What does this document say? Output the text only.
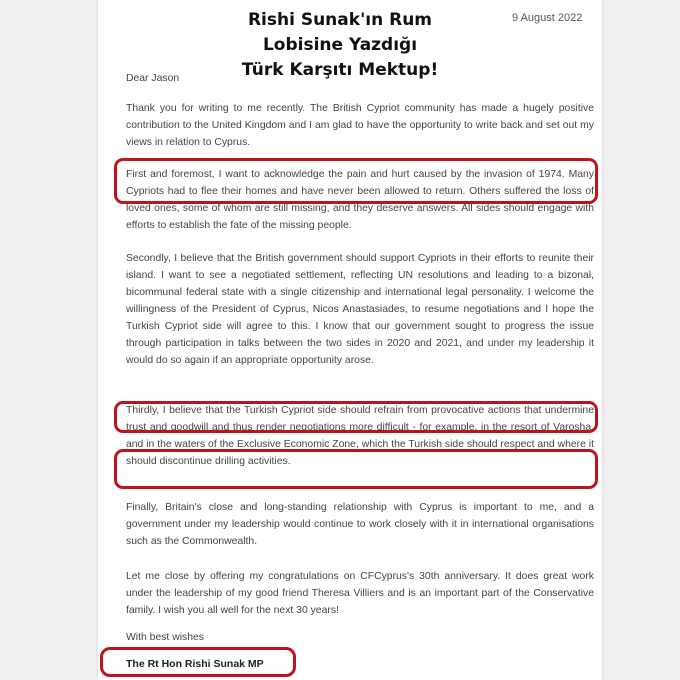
Rishi Sunak'ın Rum
Lobisine Yazdığı
Türk Karşıtı Mektup!
9 August 2022
Dear Jason
Thank you for writing to me recently. The British Cypriot community has made a hugely positive contribution to the United Kingdom and I am glad to have the opportunity to write back and set out my views in relation to Cyprus.
First and foremost, I want to acknowledge the pain and hurt caused by the invasion of 1974. Many Cypriots had to flee their homes and have never been allowed to return. Others suffered the loss of loved ones, some of whom are still missing, and they deserve answers. All sides should engage with efforts to establish the fate of the missing people.
Secondly, I believe that the British government should support Cypriots in their efforts to reunite their island. I want to see a negotiated settlement, reflecting UN resolutions and leading to a bizonal, bicommunal federal state with a single citizenship and international legal personality. I welcome the willingness of the President of Cyprus, Nicos Anastasiades, to resume negotiations and I hope the Turkish Cypriot side will agree to this. I know that our government sought to progress the issue through participation in talks between the two sides in 2020 and 2021, and under my leadership it would do so again if an appropriate opportunity arose.
Thirdly, I believe that the Turkish Cypriot side should refrain from provocative actions that undermine trust and goodwill and thus render negotiations more difficult - for example, in the resort of Varosha, and in the waters of the Exclusive Economic Zone, which the Turkish side should respect and where it should discontinue drilling activities.
Finally, Britain's close and long-standing relationship with Cyprus is important to me, and a government under my leadership would continue to work closely with it in international organisations such as the Commonwealth.
Let me close by offering my congratulations on CFCyprus's 30th anniversary. It does great work under the leadership of my good friend Theresa Villiers and is an important part of the Conservative family. I wish you all well for the next 30 years!
With best wishes
The Rt Hon Rishi Sunak MP
